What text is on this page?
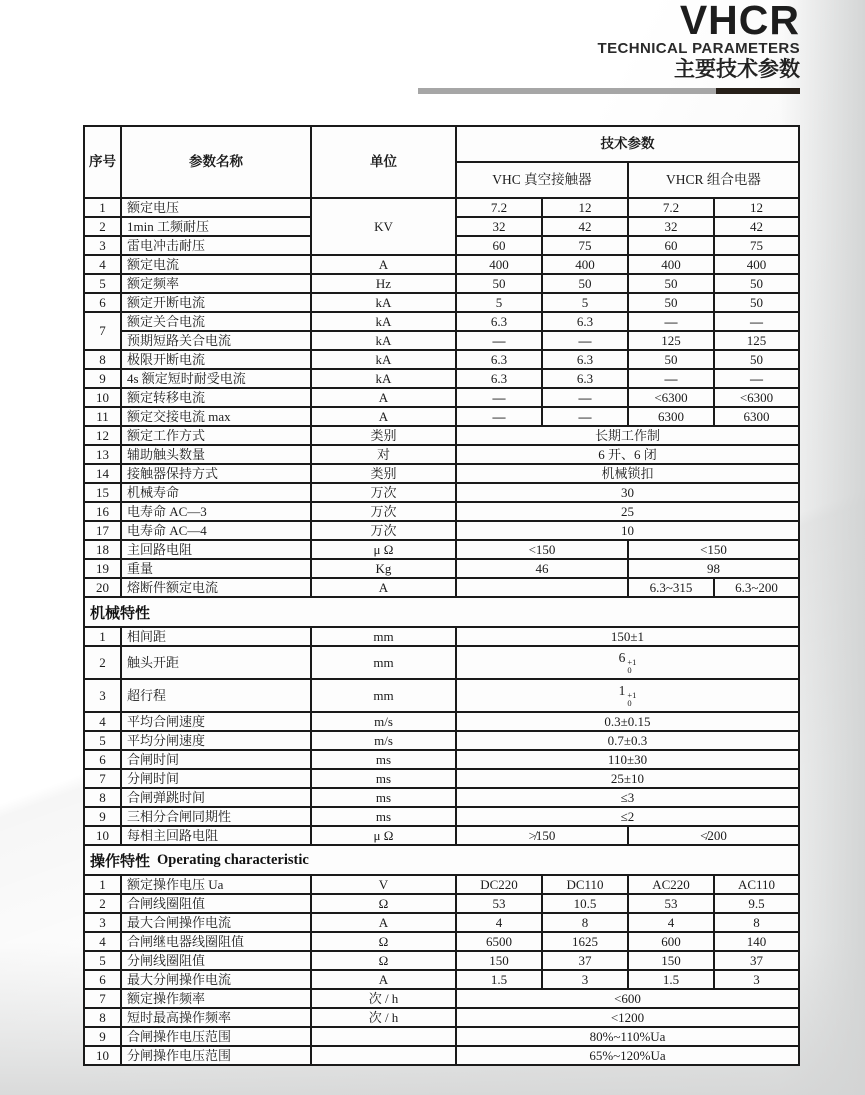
VHCR
TECHNICAL PARAMETERS
主要技术参数
序号	参数名称	单位	技术参数			
			VHC 真空接触器		VHCR 组合电器	
1	额定电压	KV	7.2	12	7.2	12
2	1min 工频耐压		32	42	32	42
3	雷电冲击耐压		60	75	60	75
4	额定电流	A	400	400	400	400
5	额定频率	Hz	50	50	50	50
6	额定开断电流	kA	5	5	50	50
7	额定关合电流	kA	6.3	6.3	—	—
	预期短路关合电流	kA	—	—	125	125
8	极限开断电流	kA	6.3	6.3	50	50
9	4s 额定短时耐受电流	kA	6.3	6.3	—	—
10	额定转移电流	A	—	—	<6300	<6300
11	额定交接电流 max	A	—	—	6300	6300
12	额定工作方式	类别	长期工作制			
13	辅助触头数量	对	6 开、6 闭			
14	接触器保持方式	类别	机械锁扣			
15	机械寿命	万次	30			
16	电寿命 AC—3	万次	25			
17	电寿命 AC—4	万次	10			
18	主回路电阻	μ Ω	<150		<150	
19	重量	Kg	46		98	
20	熔断件额定电流	A			6.3~315	6.3~200
机械特性
1	相间距	mm	150±1	
2	触头开距	mm	6 +1
0	

3	超行程	mm	1 +1
0	

4	平均合闸速度	m/s	0.3±0.15	
5	平均分闸速度	m/s	0.7±0.3	
6	合闸时间	ms	110±30	
7	分闸时间	ms	25±10	
8	合闸弹跳时间	ms	≤3	
9	三相分合闸同期性	ms	≤2	
10	每相主回路电阻	μ Ω	≯150	≮200
操作特性 Operating characteristic
1	额定操作电压 Ua	V	DC220	DC110	AC220	AC110
2	合闸线圈阻值	Ω	53	10.5	53	9.5
3	最大合闸操作电流	A	4	8	4	8
4	合闸继电器线圈阻值	Ω	6500	1625	600	140
5	分闸线圈阻值	Ω	150	37	150	37
6	最大分闸操作电流	A	1.5	3	1.5	3
7	额定操作频率	次 / h	<600			
8	短时最高操作频率	次 / h	<1200			
9	合闸操作电压范围		80%~110%Ua			
10	分闸操作电压范围		65%~120%Ua			
